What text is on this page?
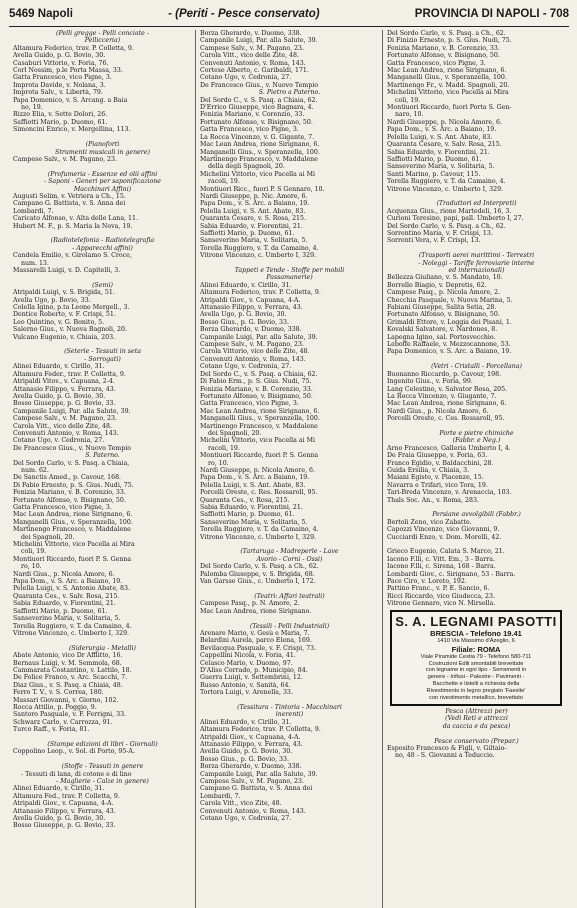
5469 Napoli	- (Periti - Pesce conservato)	PROVINCIA DI NAPOLI - 708
(Pelli gregge - Pelli conciate -
Pellicceria)
Altamura Federico, trav. P. Colletta, 9.
Avella Guido, p. G. Bovio, 30.
Casaburi Vittorio, v. Foria, 76.
Corl Nossim, p.le Porta Massa, 33.
Gatta Francesco, vico Pigne, 3.
Improta Davide, v. Nolana, 3.
Improta Salv., v. Libertà, 79.
Papa Domenico, v. S. Arcang. a Baia
no, 19.
Rizzo Elia, v. Sette Dolori, 26.
Saffiotti Mario, p. Duomo, 61.
Simoncini Enrico, v. Mergellina, 113.
(Pianoforti
Strumenti musicali in genere)
Campese Salv., v. M. Pagano, 23.
(Profumeria - Essenze ed olii affini
- Saponi - Generi per saponificazione
Macchinari Affini)
Augusti Selim, v. Vetriera a Ch., 15.
Campano G. Battista, v. S. Anna dei
Lombardi, 7.
Caricato Alfonso, v. Alta delle Lana, 11.
Hubert M. F., p. S. Maria la Nova, 19.
(Radiotelefonia - Radiotelegrafia
- Apparecchi affini)
Candela Emilio, v. Girolamo S. Croce,
num. 13.
Massarelli Luigi, v. D. Capitelli, 3.
(Semi)
Atripaldi Luigi, v. S. Brigida, 51.
Avella Ugo, p. Bovio, 33.
Colella Igino, p.ta Leone Mergell., 3.
Dentice Roberto, v. F. Crispi, 51.
Leo Quintino, v. G. Bonito, 5.
Salerno Gius., v. Nuova Bagnoli, 20.
Vulcano Eugenio, v. Chiaia, 203.
(Seterie - Tessuti in seta
- Sorrogati)
Alinei Eduardo, v. Cirillo, 31.
Altamura Feder., trav. P. Colletta, 9.
Atripaldi Vitov., v. Capuana, 2-4.
Attanasio Filippo, v. Ferrara, 43.
Avella Guido, p. G. Bovio, 30.
Bosso Giuseppe, p. G. Bovio, 33.
Campanile Luigi, Par. alla Salute, 39.
Campese Salv., v. M. Pagano, 23.
Carola Vitt., vico delle Zite, 48.
Convenuti Antonio, v. Roma, 143.
Cotano Ugo, v. Cedronia, 27.
De Francesco Gius., v. Nuovo Tempio
S. Paterno.
Del Sordo Carlo, v. S. Pasq. a Chiaia,
num. 62.
De Sanctis Amed., p. Cavour, 168.
Di Fabio Ernesto, p. S. Gius. Nudi, 75.
Fenizia Mariano, v. B. Corenzio, 33.
Fortunato Alfonso, v. Bisignano, 50.
Gatta Francesco, vico Pigne, 3.
Mac Lean Andrea, rione Sirignano, 6.
Manganelli Gius., v. Speranzella, 100.
Martinengo Francesco, v. Maddalene
dei Spagnoli, 20.
Michelini Vittorio, vico Pacella ai Mira
coli, 19.
Montiuori Riccardo, fuori P. S. Genna
ro, 10.
Nardi Gius., p. Nicola Amore, 6.
Papa Dom., v. S. Arc. a Baiano, 19.
Pelella Luigi, v. S. Antonio Abate, 83.
Quaranta Ces., v. Salv. Rosa, 215.
Sabia Eduardo, v. Fiorentini, 21.
Saffiotti Mario, p. Duomo, 61.
Sanseverino Maria, v. Solitaria, 5.
Torella Ruggiero, v. T. da Camaino, 4.
Vitrone Vincenzo, c. Umberto I, 329.
(Siderurgia - Metalli)
Abate Antonio, vico Dr Afflitto, 16.
Bernaus Luigi, v. M. Semmola, 68.
Cammarata Costantino, v. Lattilo, 18.
De Felice Franco, v. Arc. Scacchi, 7.
Diaz Gius., v. S. Pasq. a Chiaia, 48.
Ferro T. V., v. S. Correa, 180.
Massari Giovanni, v. Giorno, 102.
Rocca Attilio, p. Poggio, 9.
Santoro Pasquale, v. F. Ferrigni, 33.
Schwarz Carlo, v. Carrozza, 91.
Turco Raff., v. Foria, 81.
(Stampe edizioni di libri - Giornali)
Coppolino Leop., v. Sol. di Porto, 95-A.
(Stoffe - Tessuti in genere
- Tessuti di lana, di cotone e di lino
- Maglierie - Calze in genere)
Alinei Eduardo, v. Cirillo, 31.
Altamura Fed., trav. P. Colletta, 9.
Atripaldi Giov., v. Capuana, 4-A.
Attanasio Filippo, v. Ferrara, 43.
Avella Guido, p. G. Bovio, 30.
Bosso Giuseppe, p. G. Bovio, 33.
Borza Gherardo, v. Duomo, 338.
Campanile Luigi, Par. alla Salute, 39.
Campese Salv., v. M. Pagano, 23.
Carola Vitt., vico delle Zite, 48.
Convenuti Antonio, v. Roma, 143.
Cortese Alberto, c. Garibaldi, 171.
Cotano Ugo, v. Cedronia, 27.
De Francesco Gius., v. Nuovo Tempio
S. Pietro a Paterno.
Del Sordo C., v. S. Pasq. a Chiaia, 62.
D'Errico Giuseppe, vico Bagnara, 4.
Fenizia Mariano, v. Corenzio, 33.
Fortunato Alfonso, v. Bisignano, 50.
Gatta Francesco, vico Pigne, 3.
La Rocca Vincenzo, v. G. Gigante, 7.
Mac Lean Andrea, rione Sirignano, 6.
Manganelli Gius., v. Speranzella, 100.
Martinengo Francesco, v. Maddalene
della degli Spagnoli, 20.
Michelini Vittorio, vico Pacella ai Mi
racoli, 19.
Montiuori Ricc., fuori P. S Gennaro, 10.
Nardi Giuseppe, p. Nic. Amore, 6.
Papa Dom., v. S. Arc. a Baiano, 19.
Pelella Luigi, v. S. Ant. Abate, 83.
Quaranta Cesare, v. S. Rosa, 215.
Sabia Eduardo, v. Fiorentini, 21.
Saffiotti Mario, p. Duomo, 61.
Sanseverino Maria, v. Solitaria, 5.
Torella Ruggiero, v. T. da Camaino, 4.
Vitrone Vincenzo, c. Umberto I, 329.
Tappeti e Tende - Stoffe per mobili
Passamanerie)
Alinei Eduardo, v. Cirillo, 31.
Altamura Federico, trav. P. Colletta, 9.
Atripaldi Giov., v. Capuana, 4-A.
Attanasio Filippo, v. Ferrara, 43.
Avella Ugo, p. G. Bovio, 30.
Bosso Gius., p. G. Bovio, 33.
Borza Gherardo, v. Duomo, 338.
Campanile Luigi, Par. alla Salute, 39.
Campese Salv., v. M. Pagano, 23.
Carola Vittorio, vico delle Zite, 48.
Convenuti Antonio, v. Roma, 143.
Cotano Ugo, v. Cedronia, 27.
Del Sordo C., v. S. Pasq. a Chiaia, 62.
Di Fabio Erm., p. S. Gius. Nudi, 75.
Fenizia Mariano, v. B. Corenzio, 33.
Fortunato Alfonso, v. Bisignano, 50.
Gatta Francesco, vico Pigne, 3.
Mac Lean Andrea, rione Sirignano, 6.
Manganelli Gius., v. Speranzella, 100.
Martinengo Francesco, v. Maddalene
dei Spagnoli, 20.
Michelini Vittorio, vico Pacella ai Mi
racoli, 19.
Montiuori Riccardo, fuori P. S. Genna
ro, 10.
Nardi Giuseppe, p. Nicola Amore, 6.
Papa Dom., v. S. Arc. a Baiano, 19.
Pelella Luigi, v. S. Ant. Abate, 83.
Porcelli Oreste, c. Res. Rossaroll, 95.
Quaranta Ces., v. Rosa, 215.
Sabia Eduardo, v. Fiorentini, 21.
Saffiotti Mario, p. Duomo, 61.
Sanseverino Maria, v. Solitaria, 5.
Torella Ruggiero, v. T. da Camaino, 4.
Vitrone Vincenzo, c. Umberto I, 329.
(Tartaruga - Madreperle - Lave
Avorio - Corni - Ossi)
Del Sordo Carlo, v. S. Pasq. a Ch., 62.
Palomba Giuseppe, v. S. Brigida, 68.
Van Garsse Gius., c. Umberto I, 172.
(Teatri: Affari teatrali)
Campese Pasq., p. N. Amore, 2.
Mac Lean Andrea, rione Sirignano.
(Tessili - Pelli Industriali)
Arenare Mario, v. Gesù e Maria, 7.
Belardini Aurela, parco Elena, 169.
Bevilacqua Pasquale, v. F. Crispi, 73.
Cappellini Nicola, v. Foria, 41.
Celasco Mario, v. Duomo, 97.
D'Alise Corrado, p. Municipio, 84.
Guerra Luigi, v. Settembrini, 12.
Russo Antonio, v. Sanità, 64.
Tortora Luigi, v. Arenella, 33.
(Tessitura - Tintoria - Macchinari
inerenti)
Alinei Eduardo, v. Cirillo, 31.
Altamura Federico, trav. P. Colletta, 9.
Atripaldi Giov., v. Capuana, 4-A.
Attanasio Filippo, v. Ferrara, 43.
Avella Guido, p. G. Bovio, 30.
Bosso Gius., p. G. Bovio, 33.
Borza Gherardo, v. Duomo, 338.
Campanile Luigi, Par. alla Salute, 39.
Campese Salv., v. M. Pagano, 23.
Campano G. Battista, v. S. Anna dei
Lombardi, 7.
Carola Vitt., vico Zite, 48.
Convenuti Antonio, v. Roma, 143.
Cotano Ugo, v. Cedronia, 27.
Del Sordo Carlo, v. S. Pasq. a Ch., 62.
Di Finizio Ernesto, p. S. Gius. Nudi, 75.
Fenizia Mariano, v. B. Corenzio, 33.
Fortunato Alfonso, v. Bisignano, 50.
Gatta Francesco, vico Pigne, 3.
Mac Lean Andrea, rione Sirignano, 6.
Manganelli Gius., v. Speranzella, 100.
Martinengo Fr., v. Madd. Spagnoli, 20.
Michelini Vittorio, vico Pacella ai Mira
coli, 19.
Montiuori Riccardo, fuori Porta S. Gen-
naro, 10.
Nardi Giuseppe, p. Nicola Amore, 6.
Papa Dom., v. S. Arc. a Baiano, 19.
Pelella Luigi, v. S. Ant. Abate, 83.
Quaranta Cesare, v. Salv. Rosa, 215.
Sabia Eduardo, v. Fiorentini, 21.
Saffiotti Mario, p. Duomo, 61.
Sanseverino Maria, v. Solitaria, 5.
Santi Marino, p. Cavour, 115.
Torella Ruggiero, v. T. da Camaino, 4.
Vitrone Vincenzo, c. Umberto I, 329.
(Traduttori ed Interpreti)
Acquenza Gius., rione Martedeli, 16, 3.
Curioni Teresino, papi, pall. Umberto I, 27.
Del Sordo Carlo, v. S. Pasq. a Ch., 62.
Sorrentino Maria, v. F. Crispi, 13.
Sorrenti Vera, v. F. Crispi, 13.
(Trasporti aerei marittimi - Terrestri
- Noleggi - Tariffe ferroviarie interne
ed internazionali)
Bellezza Giuliano, v. S. Mandato, 10.
Borrello Biagio, v. Depretis, 62.
Campese Pasq., p. Nicola Amore, 2.
Checchia Pasquale, v. Nuova Marina, 5.
Fabiani Giuseppe, Salita Setia, 28.
Fortunato Alfonso, v. Bisignano, 50.
Grimaldi Ettore, v. Loggia dei Pisani, 1.
Kovalski Salvatore, v. Nardones, 8.
Lapegna Igino, sal. Portosvecchio.
Leboffe Raffaele, v. Mezzocannone, 53.
Papa Domenico, v. S. Arc. a Baiano, 19.
(Vetri - Cristalli - Porcellana)
Buonanno Riccardo, p. Cavour, 198.
Ingenito Gius., v. Foria, 99.
Lang Celestino, v. Salvator Rosa, 205.
La Rocca Vincenzo, v. Giugante, 7.
Mac Lean Andrea, rione Sirignano, 6.
Nardi Gius., p. Nicola Amore, 6.
Porcelli Oreste, c. Ces. Rossaroll, 95.
Porte e pietre chimiche
(Fabbr. e Neg.)
Arno Francesco, Galleria Umberto I, 4.
De Fraia Giuseppe, v. Foria, 63.
Franco Egidio, v. Baldacchini, 28.
Guida Ersilia, v. Chiaia, 3.
Maiani Egisto, v. Piacenze, 15.
Navarra e Trifari, vico Tora, 19.
Tari-Breda Vincenzo, v. Arenaccia, 103.
Thals Soc. An., v. Roma, 283.
Persiane avvolgibili (Fabbr.)
Bertoli Zeno, vico Zabatte.
Capozzi Vincenzo, vico Giovanni, 9.
Cucciardi Enzo, v. Dom. Morelli, 42.
Grieco Eugenio, Calata S. Marco, 21.
Iacono F.lli, c. Vitt. Em., 3 - Barra.
Iacono F.lli, c. Sirena, 168 - Barra.
Lombardi Giov., c. Sirignano, 53 - Barra.
Pace Ciro, v. Loreto, 192.
Pattino Franc., v. P. E. Sancio, 6.
Ricci Riccardo, vico Giudecca, 23.
Vitrone Gennaro, vico N. Mirsella.
S. A. LEGNAMI PASOTTI
BRESCIA - Telefono 19.41
1410 Via Massimo d'Azeglio, 6
Filiale: ROMA
Viale Piramide Cestia 79 - Telefono 580-711
Costruzioni Edili smontabili brevettate
con legname in ogni tipo - Serramenti in
genere - Infissi - Palestre - Pavimenti -
Bacchette e listelli a richiesta della
Rivestimento in legno pregiato 'Faesite'
con rivestimento metallico, brevettato
Pesca (Attrezzi per)
(Vedi Reti e attrezzi
da caccia e da pesca)
Pesce conservato (Prepar.)
Esposito Francesco & Figli, v. Giltaio-
no, 48 - S. Giovanni a Teduccio.
